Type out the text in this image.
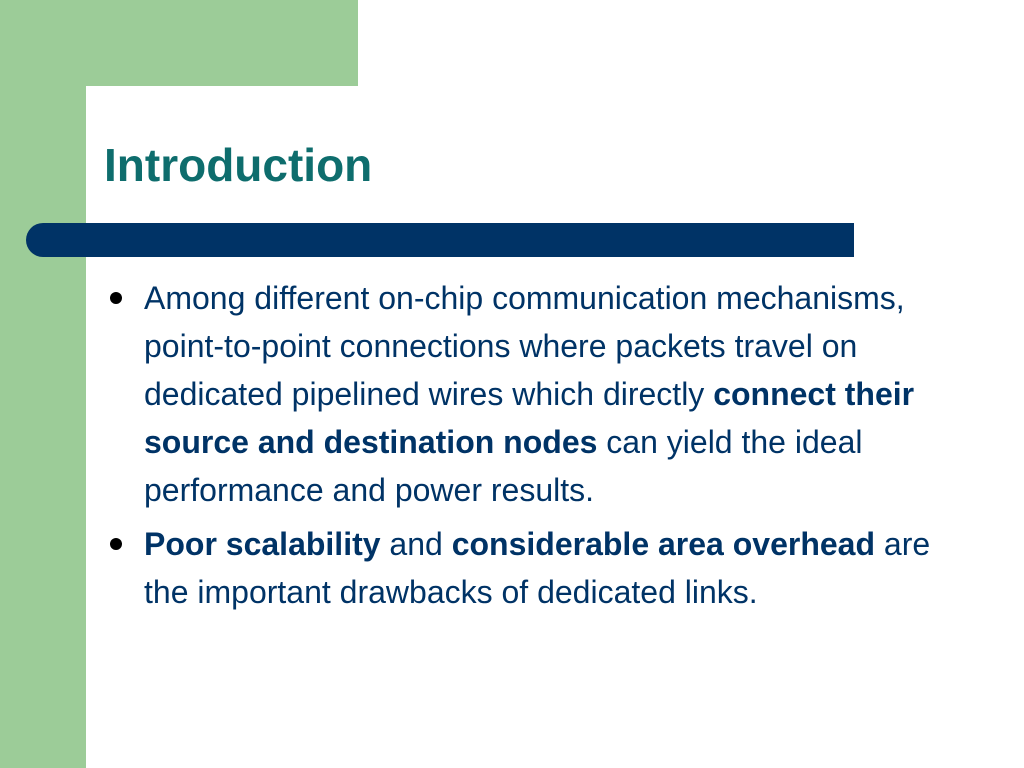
Introduction
Among different on-chip communication mechanisms, point-to-point connections where packets travel on dedicated pipelined wires which directly connect their source and destination nodes can yield the ideal performance and power results.
Poor scalability and considerable area overhead are the important drawbacks of dedicated links.
